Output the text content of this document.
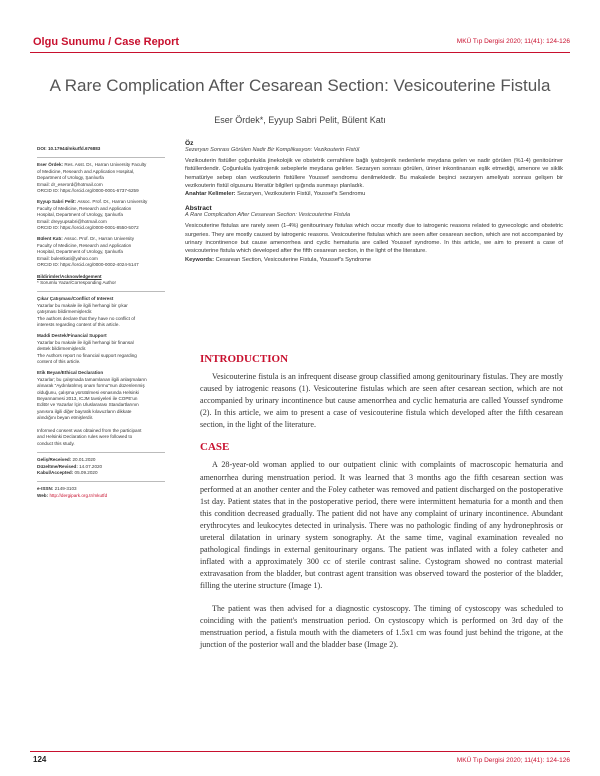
Olgu Sunumu / Case Report	MKÜ Tıp Dergisi 2020; 11(41): 124-126
A Rare Complication After Cesarean Section: Vesicouterine Fistula
Eser Ördek*, Eyyup Sabri Pelit, Bülent Katı
DOI: 10.17944/mkutfd.676883
Eser Ördek: Res. Asst. Dr., Harran University Faculty
of Medicine, Research and Application Hospital,
Department of Urology, Şanlıurfa
Email: dr_eserord@hotmail.com
ORCID ID: https://orcid.org/0000-0001-6737-6259
Eyyup Sabri Pelit: Assoc. Prof. Dr., Harran University
Faculty of Medicine, Research and Application
Hospital, Department of Urology, Şanlıurfa
Email: dreyyupsabri@hotmail.com
ORCID ID: https://orcid.org/0000-0001-8550-5072
Bülent Katı: Assoc. Prof. Dr., Harran University
Faculty of Medicine, Research and Application
Hospital, Department of Urology, Şanlıurfa
Email: bulentkati@yahoo.com
ORCID ID: https://orcid.org/0000-0002-4024-5147
Bildirimler/Acknowledgement
* Sorumlu Yazar/Corresponding Author
Çıkar Çatışması/Conflict of Interest
Yazarlar bu makale ile ilgili herhangi bir çıkar
çatışması bildirmemişlerdir.
The authors declare that they have no conflict of
interests regarding content of this article.
Maddi Destek/Financial Support
Yazarlar bu makale ile ilgili herhangi bir finansal
destek bildirmemişlerdir.
The Authors report no financial support regarding
content of this article.
Etik Beyan/Ethical Declaration
Yazarlar; bu çalışmada tamamlanan ilgili anlaşmaların
alınarak "Aydınlatılmış onam formu"nun düzenlenmiş
olduğunu, çalışma yürütülmesi esnasında Helsinki
Beyannamesi 2013, ICJM tavsiyeleri ile COPE'un
Editör ve Yazarlar İçin Uluslararası Standartlarının
yanısıra ilgili diğer bayratik kılavuzların dikkate
alındığını beyan etmişlerdir.

Informed consent was obtained from the participant
and Helsinki Declaration rules were followed to
conduct this study.
Geliş/Received: 20.01.2020
Düzeltme/Revised: 14.07.2020
Kabul/Accepted: 05.09.2020
e-ISSN: 2149-3103
Web: http://dergipark.org.tr/mkutfd
Öz
Sezeryan Sonrası Görülen Nadir Bir Komplikasyon: Vezikouterin Fistül
Vezikouterin fistüller çoğunlukla jinekolojik ve obstetrik cerrahilere bağlı iyatrojenik nedenlerle meydana gelen ve nadir görülen (%1-4) genitoüriner fistüllerdendir. Çoğunlukla iyatrojenik sebeplerle meydana gelirler. Sezaryen sonrası görülen, üriner inkontinansın eşlik etmediği, amenore ve siklik hematüriye sebep olan vezikouterin fistüllere Youssef sendromu denilmektedir. Bu makalede beşinci sezaryen ameliyatı sonrası gelişen bir vezikouterin fistül olgusunu literatür bilgileri ışığında sunmayı planladık.
Anahtar Kelimeler: Sezaryen, Vezikouterin Fistül, Youssef's Sendromu
Abstract
A Rare Complication After Cesarean Section: Vesicouterine Fistula
Vesicouterine fistulas are rarely seen (1-4%) genitourinary fistulas which occur mostly due to iatrogenic reasons related to gynecologic and obstetric surgeries. They are mostly caused by iatrogenic reasons. Vesicouterine fistulas which are seen after cesarean section, which are not accompanied by urinary incontinence but cause amenorrhea and cyclic hematuria are called Youssef syndrome. In this article, we aim to present a case of vesicouterine fistula which developed after the fifth cesarean section, in the light of the literature.
Keywords: Cesarean Section, Vesicouterine Fistula, Youssef's Syndrome
INTRODUCTION

Vesicouterine fistula is an infrequent disease group classified among genitourinary fistulas. They are mostly caused by iatrogenic reasons (1). Vesicouterine fistulas which are seen after cesarean section, which are not accompanied by urinary incontinence but cause amenorrhea and cyclic hematuria are called Youssef syndrome (2). In this article, we aim to present a case of vesicouterine fistula which developed after the fifth cesarean section, in the light of the literature.

CASE

A 28-year-old woman applied to our outpatient clinic with complaints of macroscopic hematuria and amenorrhea during menstruation period. It was learned that 3 months ago the fifth cesarean section was performed at an another center and the Foley catheter was removed and patient discharged on the postoperative 1st day. Patient states that in the postoperative period, there were intermittent hematuria for a month and then this condition decreased gradually. The patient did not have any complaint of urinary incontinence. Abundant erythrocytes and leukocytes detected in urinalysis. There was no pathologic finding of any hydronephrosis or ureteral dilatation in urinary system sonography. At the same time, vaginal examination revealed no pathological findings in external genitourinary organs. The patient was inflated with a foley catheter and inflated with a approximately 300 cc of sterile contrast saline. Cystogram showed no contrast material extravasation from the bladder, but contrast agent transition was observed toward the posterior of the bladder, filling the uterine structure (Image 1).

The patient was then advised for a diagnostic cystoscopy. The timing of cystoscopy was scheduled to coinciding with the patient's menstruation period. On cystoscopy which is performed on 3rd day of the menstruation period, a fistula mouth with the diameters of 1.5x1 cm was found just behind the trigone, at the junction of the posterior wall and the bladder base (Image 2).

124	MKÜ Tıp Dergisi 2020; 11(41): 124-126
